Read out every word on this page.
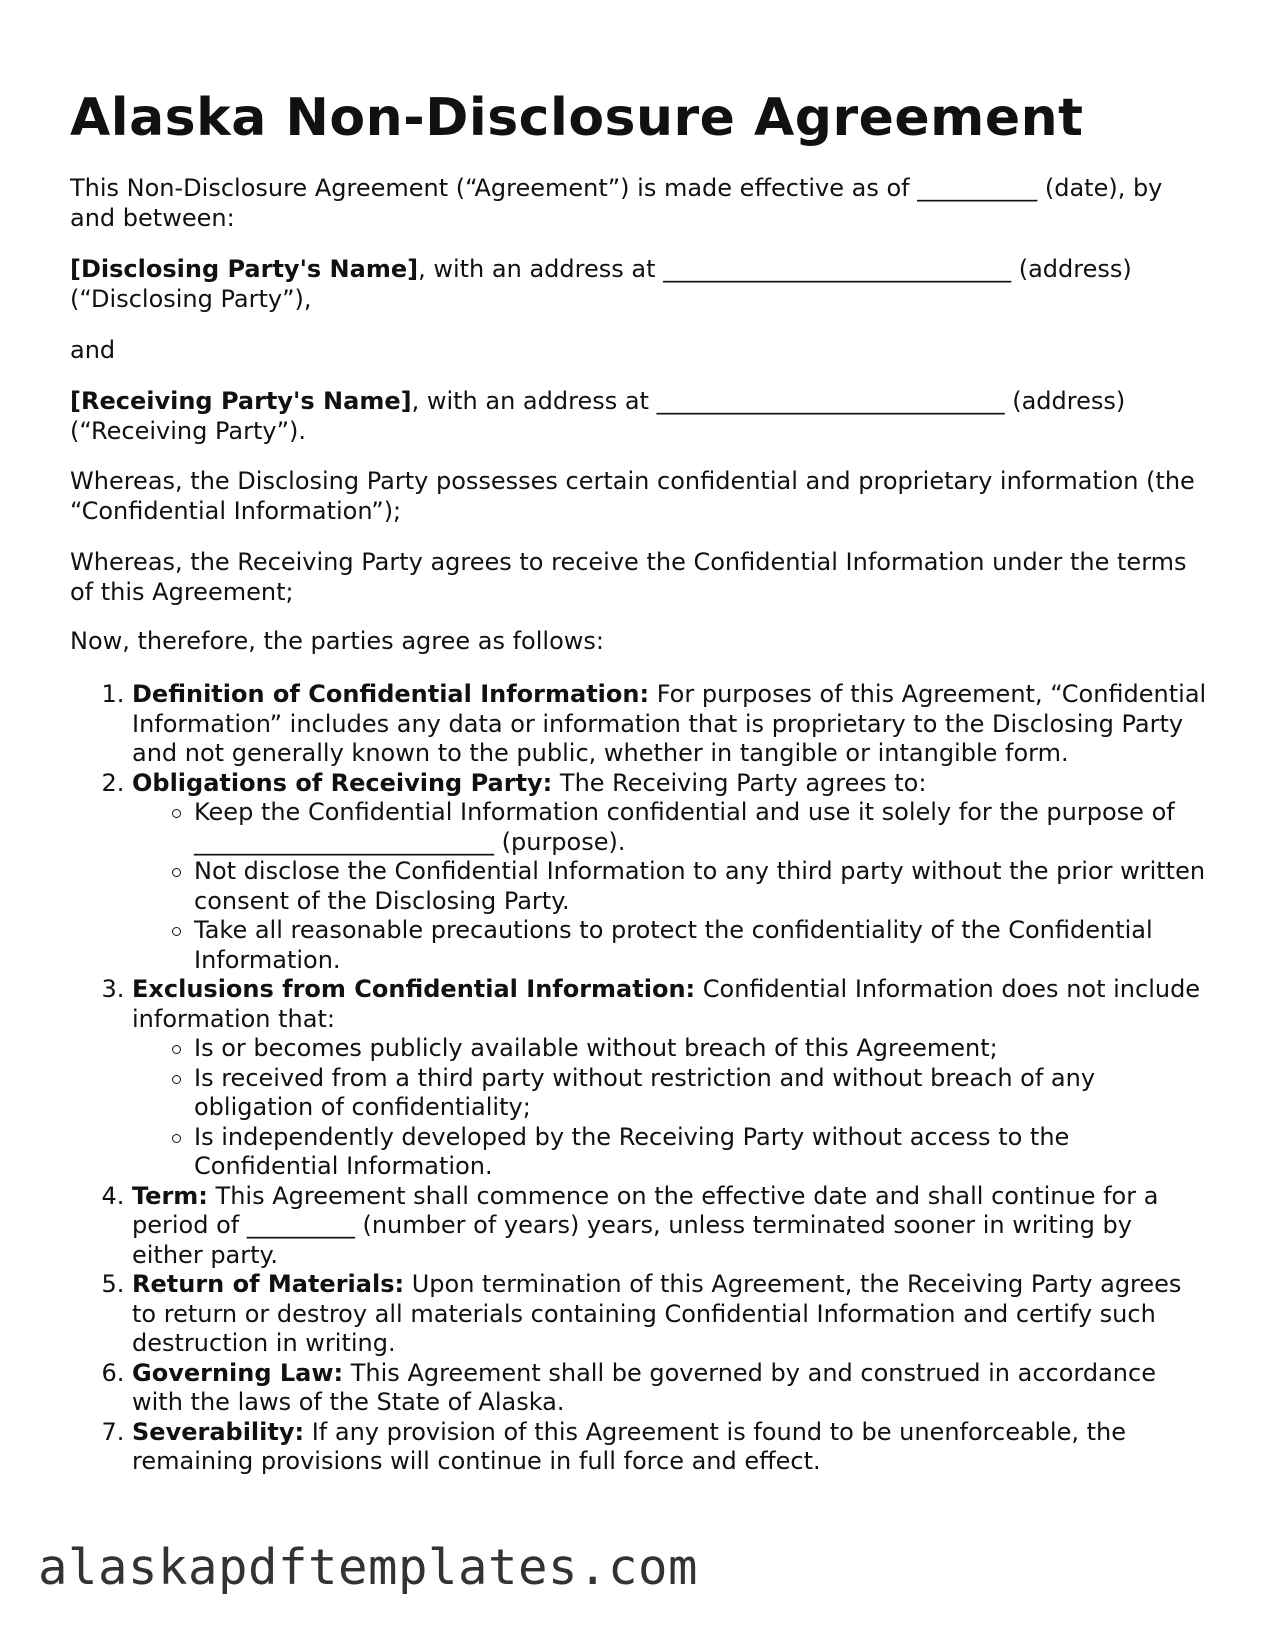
Alaska Non-Disclosure Agreement

This Non-Disclosure Agreement (“Agreement”) is made effective as of __________ (date), by and between:

[Disclosing Party's Name], with an address at _____________________________ (address) (“Disclosing Party”),

and

[Receiving Party's Name], with an address at _____________________________ (address) (“Receiving Party”).

Whereas, the Disclosing Party possesses certain confidential and proprietary information (the “Confidential Information”);

Whereas, the Receiving Party agrees to receive the Confidential Information under the terms of this Agreement;

Now, therefore, the parties agree as follows:

1. Definition of Confidential Information: For purposes of this Agreement, “Confidential Information” includes any data or information that is proprietary to the Disclosing Party and not generally known to the public, whether in tangible or intangible form.
2. Obligations of Receiving Party: The Receiving Party agrees to:
Keep the Confidential Information confidential and use it solely for the purpose of _________________________ (purpose).
Not disclose the Confidential Information to any third party without the prior written consent of the Disclosing Party.
Take all reasonable precautions to protect the confidentiality of the Confidential Information.
3. Exclusions from Confidential Information: Confidential Information does not include information that:
Is or becomes publicly available without breach of this Agreement;
Is received from a third party without restriction and without breach of any obligation of confidentiality;
Is independently developed by the Receiving Party without access to the Confidential Information.
4. Term: This Agreement shall commence on the effective date and shall continue for a period of _________ (number of years) years, unless terminated sooner in writing by either party.
5. Return of Materials: Upon termination of this Agreement, the Receiving Party agrees to return or destroy all materials containing Confidential Information and certify such destruction in writing.
6. Governing Law: This Agreement shall be governed by and construed in accordance with the laws of the State of Alaska.
7. Severability: If any provision of this Agreement is found to be unenforceable, the remaining provisions will continue in full force and effect.
alaskapdftemplates.com
